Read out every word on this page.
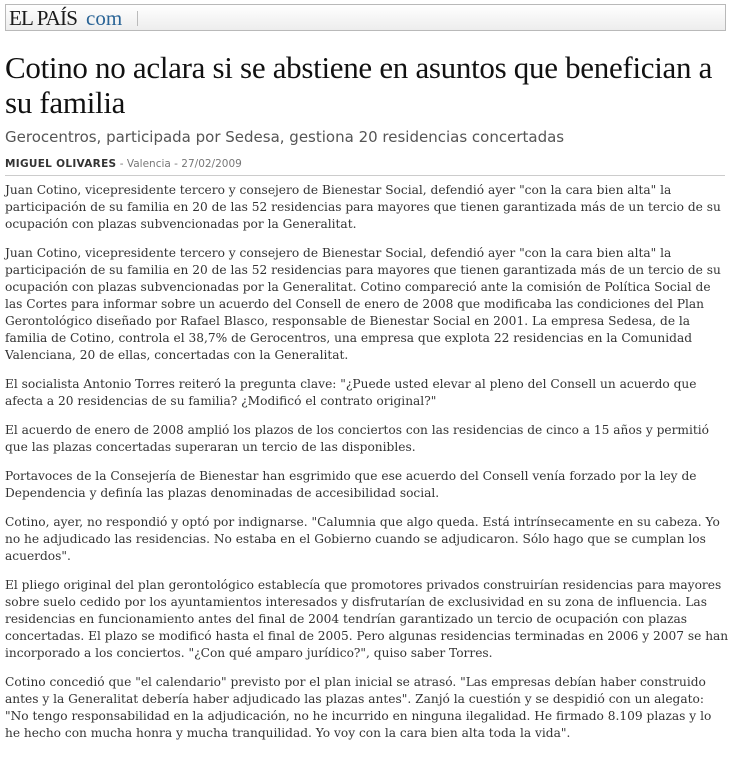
EL PAÍS com
Cotino no aclara si se abstiene en asuntos que benefician a su familia
Gerocentros, participada por Sedesa, gestiona 20 residencias concertadas
MIGUEL OLIVARES - Valencia - 27/02/2009

Juan Cotino, vicepresidente tercero y consejero de Bienestar Social, defendió ayer "con la cara bien alta" la participación de su familia en 20 de las 52 residencias para mayores que tienen garantizada más de un tercio de su ocupación con plazas subvencionadas por la Generalitat.

Juan Cotino, vicepresidente tercero y consejero de Bienestar Social, defendió ayer "con la cara bien alta" la participación de su familia en 20 de las 52 residencias para mayores que tienen garantizada más de un tercio de su ocupación con plazas subvencionadas por la Generalitat. Cotino compareció ante la comisión de Política Social de las Cortes para informar sobre un acuerdo del Consell de enero de 2008 que modificaba las condiciones del Plan Gerontológico diseñado por Rafael Blasco, responsable de Bienestar Social en 2001. La empresa Sedesa, de la familia de Cotino, controla el 38,7% de Gerocentros, una empresa que explota 22 residencias en la Comunidad Valenciana, 20 de ellas, concertadas con la Generalitat.

El socialista Antonio Torres reiteró la pregunta clave: "¿Puede usted elevar al pleno del Consell un acuerdo que afecta a 20 residencias de su familia? ¿Modificó el contrato original?"

El acuerdo de enero de 2008 amplió los plazos de los conciertos con las residencias de cinco a 15 años y permitió que las plazas concertadas superaran un tercio de las disponibles.

Portavoces de la Consejería de Bienestar han esgrimido que ese acuerdo del Consell venía forzado por la ley de Dependencia y definía las plazas denominadas de accesibilidad social.

Cotino, ayer, no respondió y optó por indignarse. "Calumnia que algo queda. Está intrínsecamente en su cabeza. Yo no he adjudicado las residencias. No estaba en el Gobierno cuando se adjudicaron. Sólo hago que se cumplan los acuerdos".

El pliego original del plan gerontológico establecía que promotores privados construirían residencias para mayores sobre suelo cedido por los ayuntamientos interesados y disfrutarían de exclusividad en su zona de influencia. Las residencias en funcionamiento antes del final de 2004 tendrían garantizado un tercio de ocupación con plazas concertadas. El plazo se modificó hasta el final de 2005. Pero algunas residencias terminadas en 2006 y 2007 se han incorporado a los conciertos. "¿Con qué amparo jurídico?", quiso saber Torres.

Cotino concedió que "el calendario" previsto por el plan inicial se atrasó. "Las empresas debían haber construido antes y la Generalitat debería haber adjudicado las plazas antes". Zanjó la cuestión y se despidió con un alegato: "No tengo responsabilidad en la adjudicación, no he incurrido en ninguna ilegalidad. He firmado 8.109 plazas y lo he hecho con mucha honra y mucha tranquilidad. Yo voy con la cara bien alta toda la vida".
